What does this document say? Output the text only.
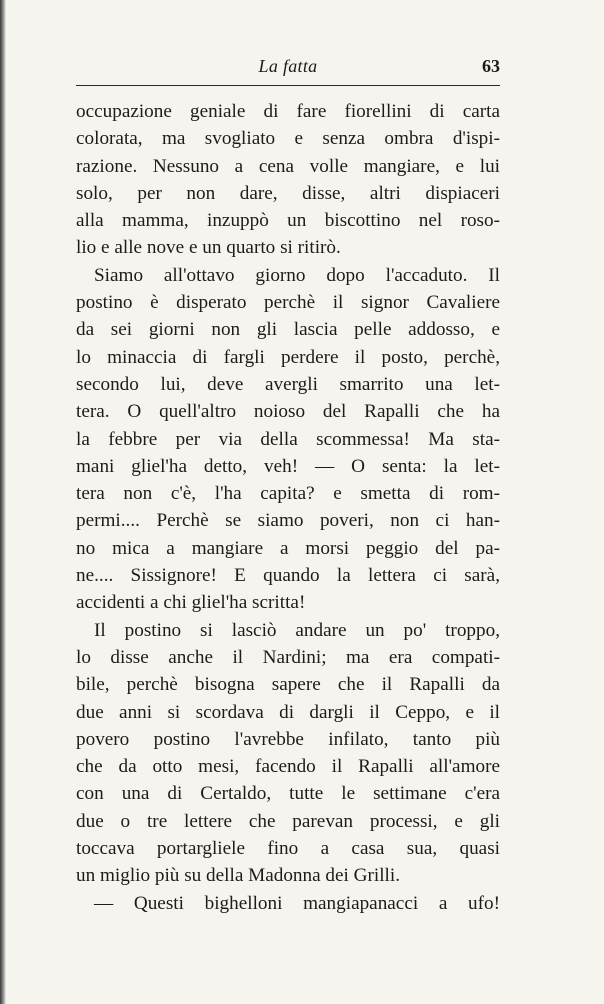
La fatta	63
occupazione geniale di fare fiorellini di carta
colorata, ma svogliato e senza ombra d'ispi-
razione. Nessuno a cena volle mangiare, e lui
solo, per non dare, disse, altri dispiaceri
alla mamma, inzuppò un biscottino nel roso-
lio e alle nove e un quarto si ritirò.
Siamo all'ottavo giorno dopo l'accaduto. Il
postino è disperato perchè il signor Cavaliere
da sei giorni non gli lascia pelle addosso, e
lo minaccia di fargli perdere il posto, perchè,
secondo lui, deve avergli smarrito una let-
tera. O quell'altro noioso del Rapalli che ha
la febbre per via della scommessa! Ma sta-
mani gliel'ha detto, veh! — O senta: la let-
tera non c'è, l'ha capita? e smetta di rom-
permi.... Perchè se siamo poveri, non ci han-
no mica a mangiare a morsi peggio del pa-
ne.... Sissignore! E quando la lettera ci sarà,
accidenti a chi gliel'ha scritta!
Il postino si lasciò andare un po' troppo,
lo disse anche il Nardini; ma era compati-
bile, perchè bisogna sapere che il Rapalli da
due anni si scordava di dargli il Ceppo, e il
povero postino l'avrebbe infilato, tanto più
che da otto mesi, facendo il Rapalli all'amore
con una di Certaldo, tutte le settimane c'era
due o tre lettere che parevan processi, e gli
toccava portargliele fino a casa sua, quasi
un miglio più su della Madonna dei Grilli.
— Questi bighelloni mangiapanacci a ufo!
